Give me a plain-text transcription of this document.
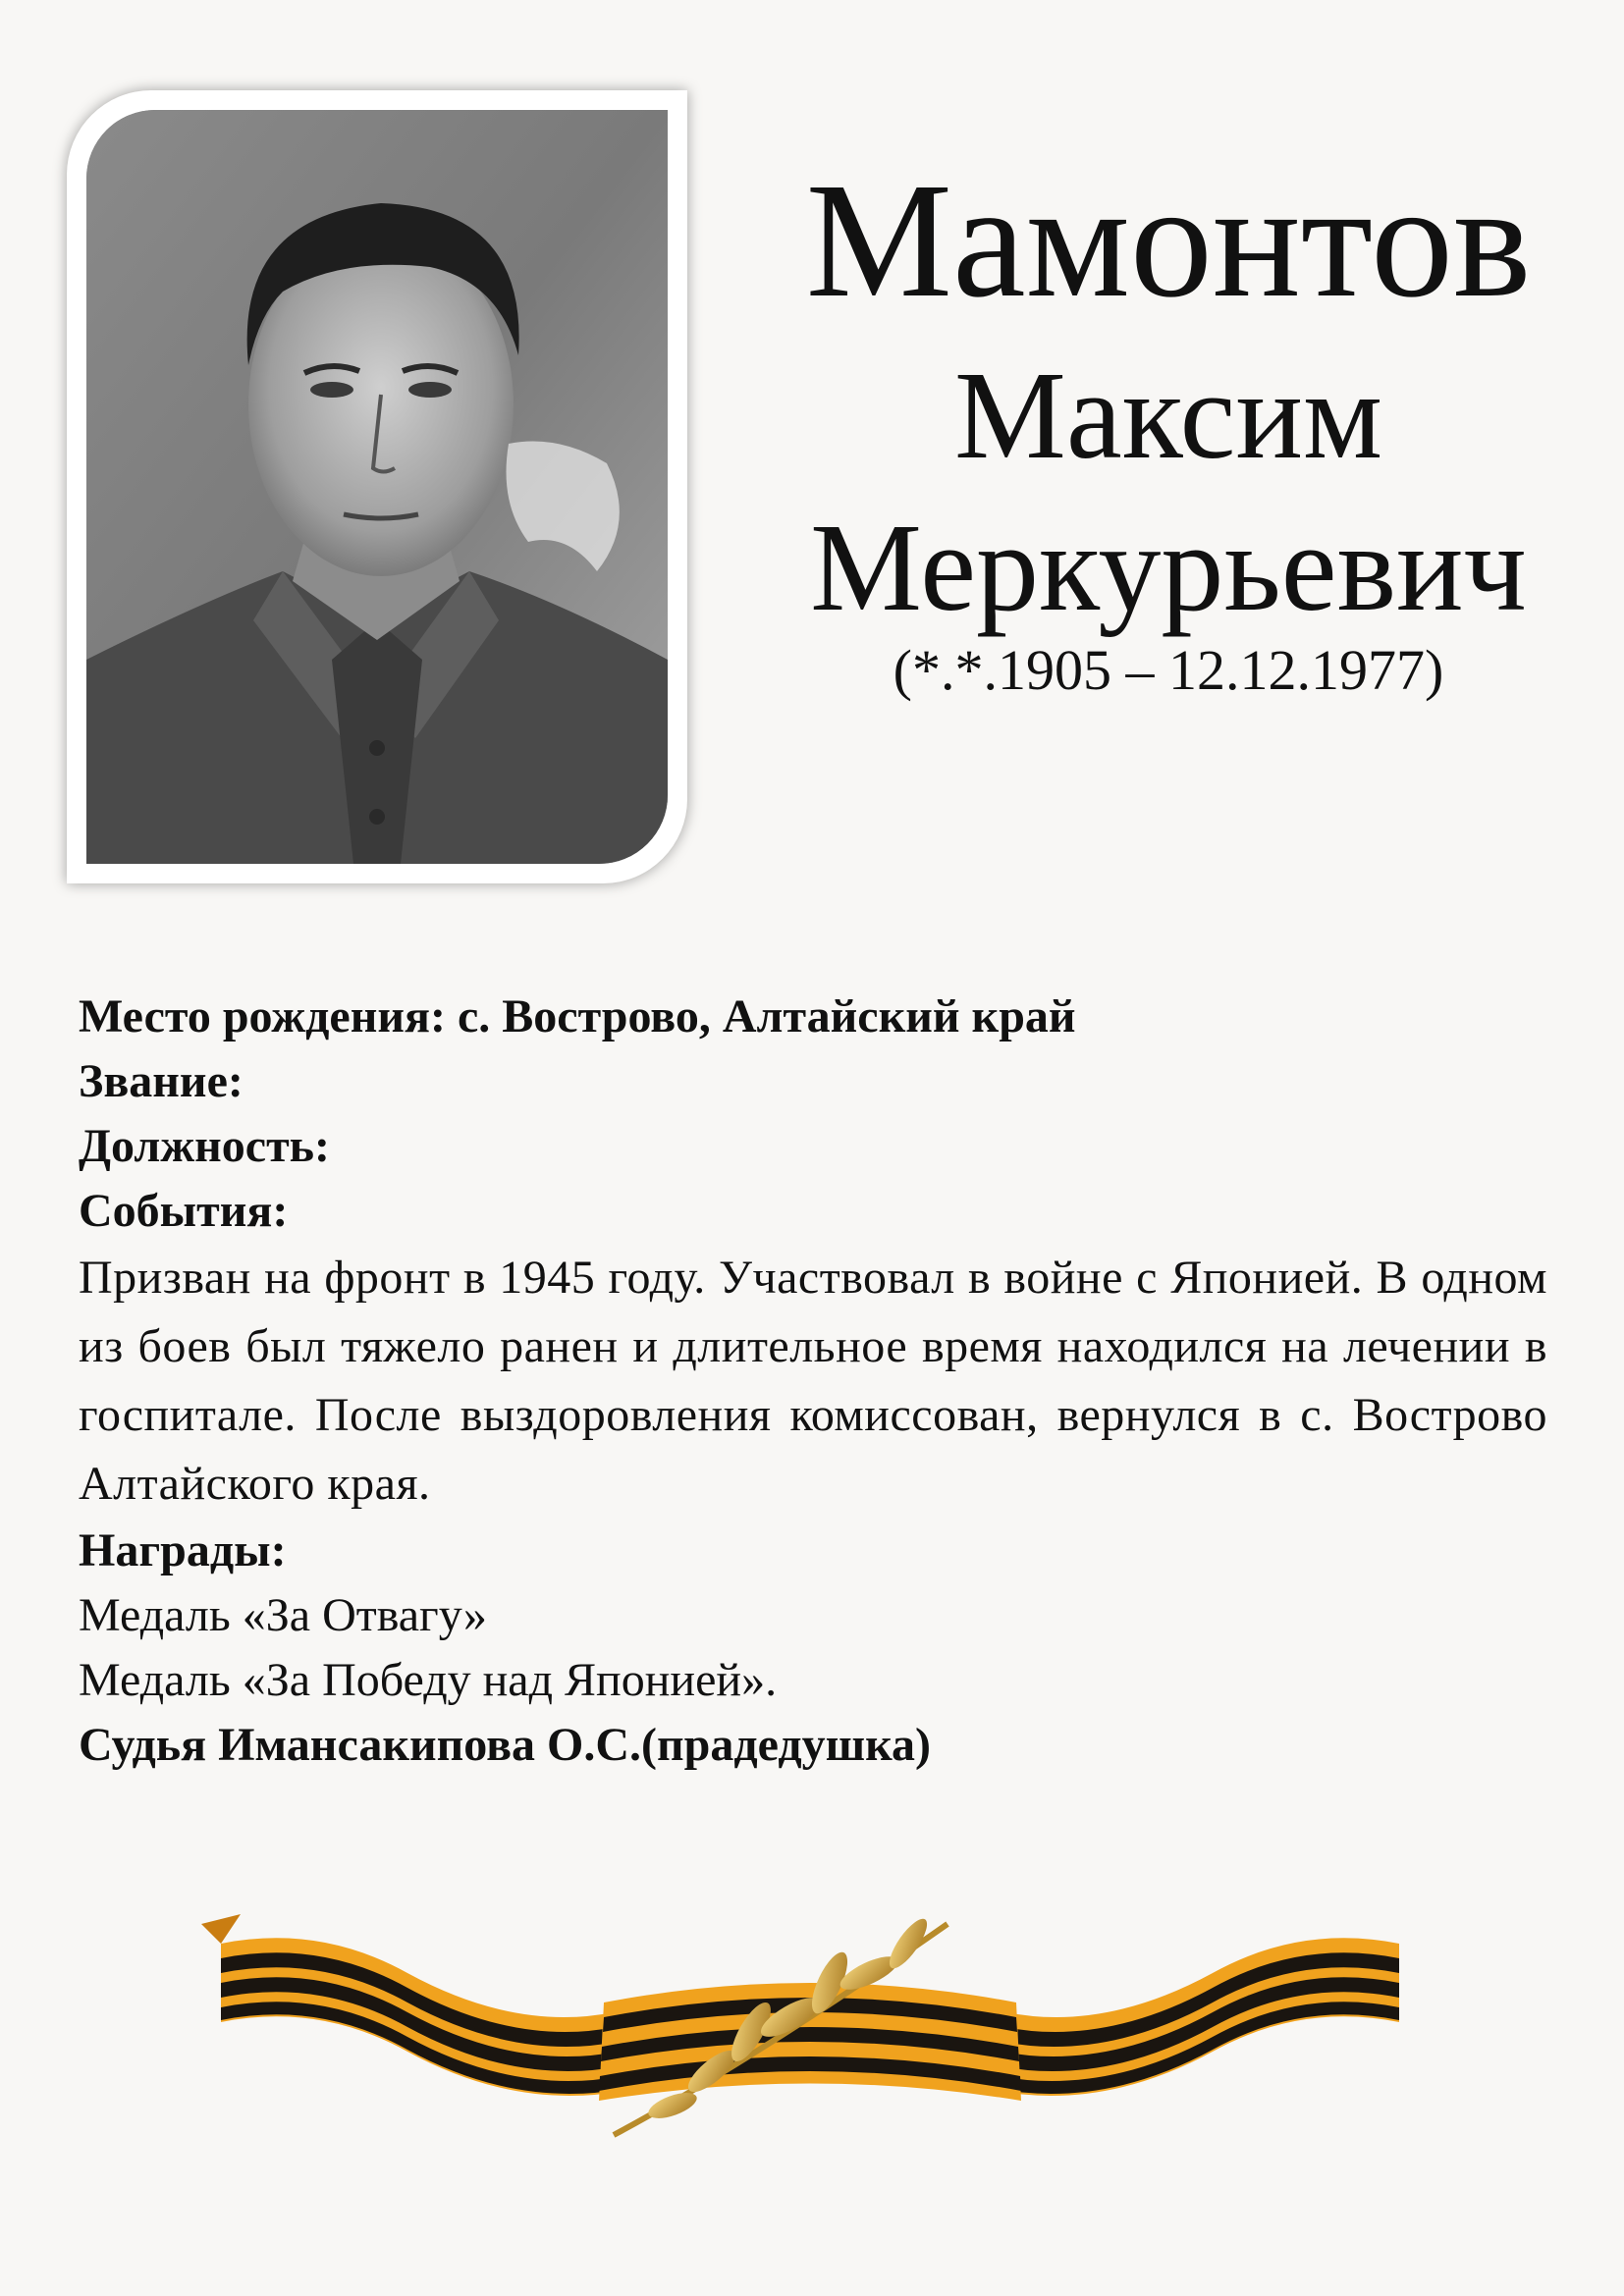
Мамонтов
Максим
Меркурьевич
(*.*.1905 – 12.12.1977)
Место рождения: с. Вострово, Алтайский край
Звание:
Должность:
События:
Призван на фронт в 1945 году. Участвовал в войне с Японией. В одном из боев был тяжело ранен и длительное время находился на лечении в госпитале. После выздоровления комиссован, вернулся в с. Вострово Алтайского края.
Награды:
Медаль «За Отвагу»
Медаль «За Победу над Японией».
Судья Имансакипова О.С.(прадедушка)
